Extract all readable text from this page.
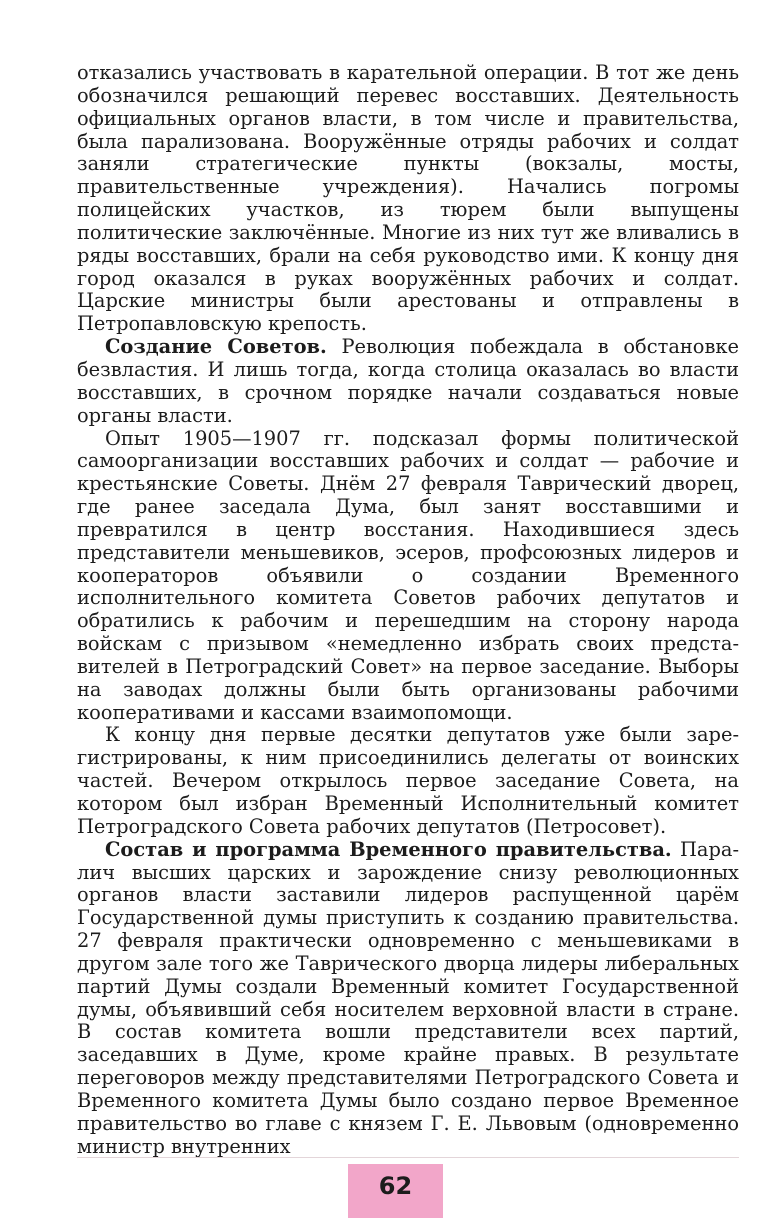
отказались участвовать в карательной операции. В тот же день обозначился решающий перевес восставших. Деятельность официальных органов власти, в том числе и правительства, была парализована. Вооружённые отряды рабочих и солдат заняли стратегические пункты (вокзалы, мосты, правительственные учреждения). Начались погромы полицейских участков, из тюрем были выпущены политические заключённые. Многие из них тут же вливались в ряды восставших, брали на себя руководство ими. К концу дня город оказался в руках вооружённых рабочих и солдат. Царские министры были арестованы и отправлены в Петропавловскую крепость.

Создание Советов. Революция побеждала в обстановке безвластия. И лишь тогда, когда столица оказалась во власти восставших, в срочном порядке начали создаваться новые органы власти.

Опыт 1905—1907 гг. подсказал формы политической самоорганизации восставших рабочих и солдат — рабочие и крестьянские Советы. Днём 27 февраля Таврический дворец, где ранее заседала Дума, был занят восставшими и превратился в центр восстания. Находившиеся здесь представители меньшевиков, эсеров, профсоюзных лидеров и кооператоров объявили о создании Временного исполнительного комитета Советов рабочих депутатов и обратились к рабочим и перешедшим на сторону народа войскам с призывом «немедленно избрать своих представителей в Петроградский Совет» на первое заседание. Выборы на заводах должны были быть организованы рабочими кооперативами и кассами взаимопомощи.

К концу дня первые десятки депутатов уже были зарегистрированы, к ним присоединились делегаты от воинских частей. Вечером открылось первое заседание Совета, на котором был избран Временный Исполнительный комитет Петроградского Совета рабочих депутатов (Петросовет).

Состав и программа Временного правительства. Паралич высших царских и зарождение снизу революционных органов власти заставили лидеров распущенной царём Государственной думы приступить к созданию правительства. 27 февраля практически одновременно с меньшевиками в другом зале того же Таврического дворца лидеры либеральных партий Думы создали Временный комитет Государственной думы, объявивший себя носителем верховной власти в стране. В состав комитета вошли представители всех партий, заседавших в Думе, кроме крайне правых. В результате переговоров между представителями Петроградского Совета и Временного комитета Думы было создано первое Временное правительство во главе с князем Г. Е. Львовым (одновременно министр внутренних

62
